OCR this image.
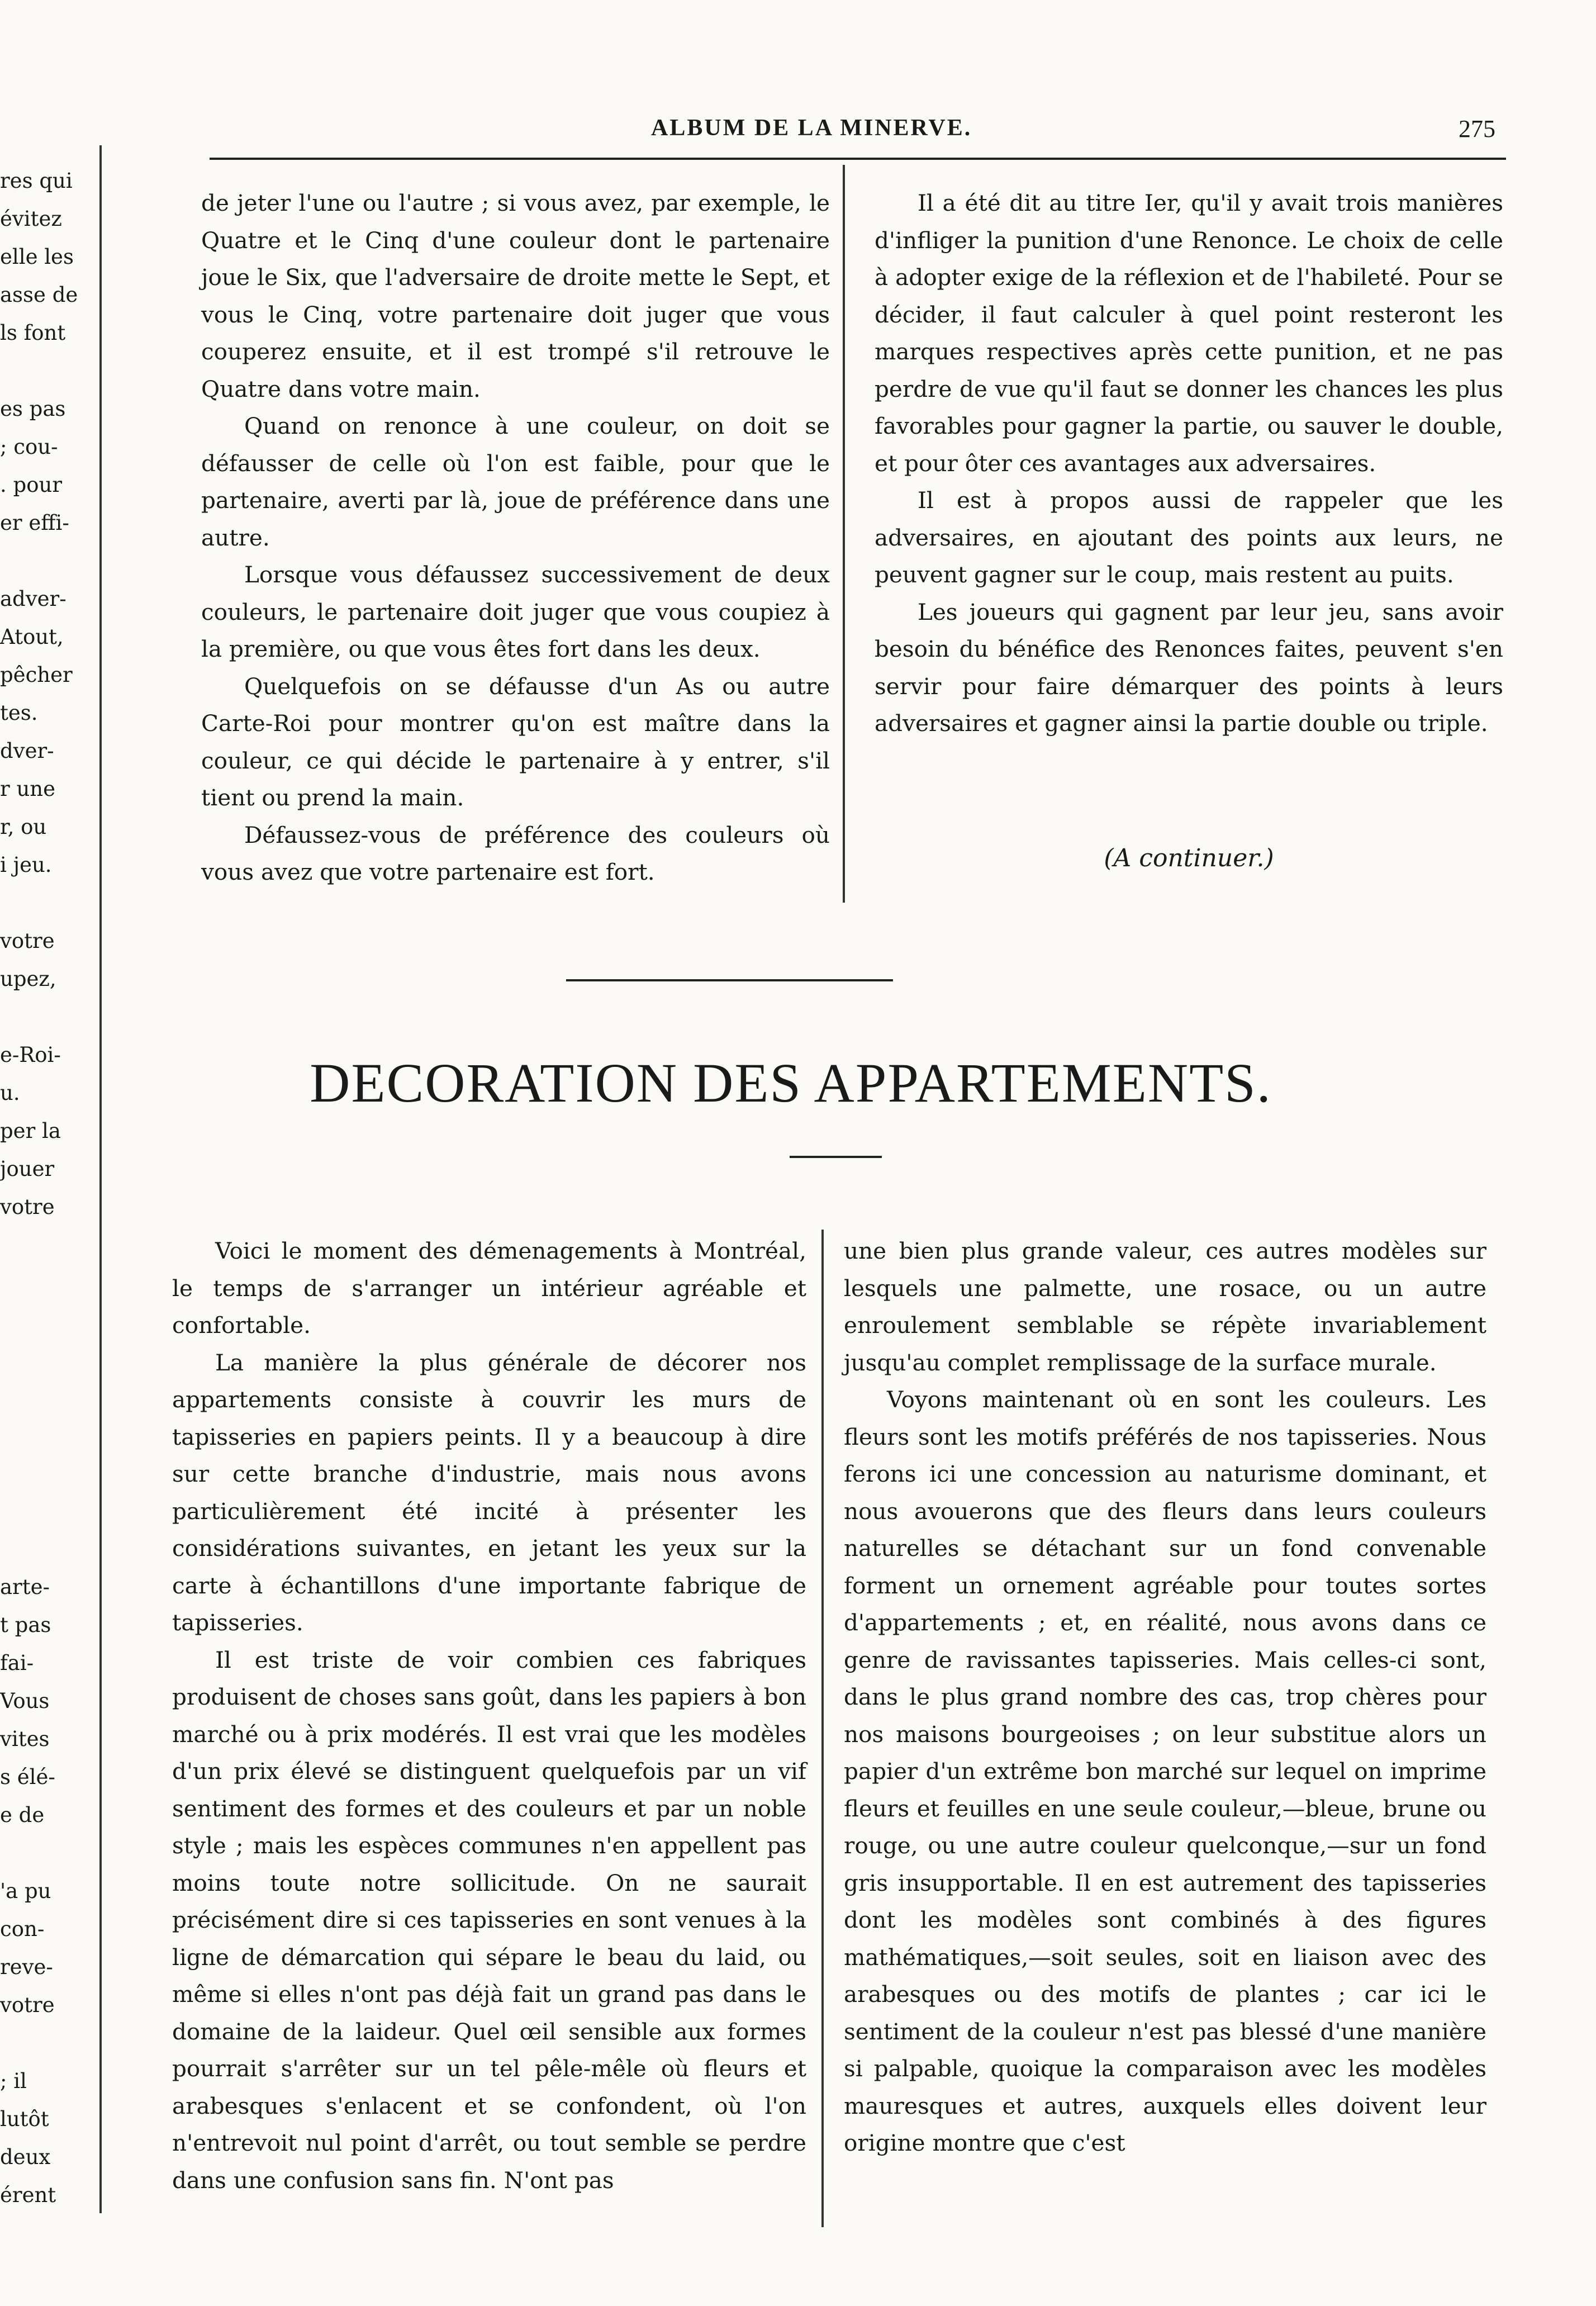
res qui
évitez
elle les
asse de
ls font

es pas
; cou-
. pour
er effi-

adver-
Atout,
pêcher
tes.
dver-
r une
r, ou
i jeu.

votre
upez,

e-Roi-
u.
per la
jouer
votre

arte-
t pas
fai-
Vous
vites
s élé-
e de

'a pu
con-
reve-
votre

; il
lutôt
deux
érent
ALBUM DE LA MINERVE.	275

de jeter l'une ou l'autre ; si vous avez, par exemple, le Quatre et le Cinq d'une couleur dont le partenaire joue le Six, que l'adversaire de droite mette le Sept, et vous le Cinq, votre partenaire doit juger que vous couperez ensuite, et il est trompé s'il retrouve le Quatre dans votre main.

Quand on renonce à une couleur, on doit se défausser de celle où l'on est faible, pour que le partenaire, averti par là, joue de préférence dans une autre.

Lorsque vous défaussez successivement de deux couleurs, le partenaire doit juger que vous coupiez à la première, ou que vous êtes fort dans les deux.

Quelquefois on se défausse d'un As ou autre Carte-Roi pour montrer qu'on est maître dans la couleur, ce qui décide le partenaire à y entrer, s'il tient ou prend la main.

Défaussez-vous de préférence des couleurs où vous avez que votre partenaire est fort.

Il a été dit au titre Ier, qu'il y avait trois manières d'infliger la punition d'une Renonce. Le choix de celle à adopter exige de la réflexion et de l'habileté. Pour se décider, il faut calculer à quel point resteront les marques respectives après cette punition, et ne pas perdre de vue qu'il faut se donner les chances les plus favorables pour gagner la partie, ou sauver le double, et pour ôter ces avantages aux adversaires.

Il est à propos aussi de rappeler que les adversaires, en ajoutant des points aux leurs, ne peuvent gagner sur le coup, mais restent au puits.

Les joueurs qui gagnent par leur jeu, sans avoir besoin du bénéfice des Renonces faites, peuvent s'en servir pour faire démarquer des points à leurs adversaires et gagner ainsi la partie double ou triple.

(A continuer.)
DECORATION DES APPARTEMENTS.

Voici le moment des démenagements à Montréal, le temps de s'arranger un intérieur agréable et confortable.

La manière la plus générale de décorer nos appartements consiste à couvrir les murs de tapisseries en papiers peints. Il y a beaucoup à dire sur cette branche d'industrie, mais nous avons particulièrement été incité à présenter les considérations suivantes, en jetant les yeux sur la carte à échantillons d'une importante fabrique de tapisseries.

Il est triste de voir combien ces fabriques produisent de choses sans goût, dans les papiers à bon marché ou à prix modérés. Il est vrai que les modèles d'un prix élevé se distinguent quelquefois par un vif sentiment des formes et des couleurs et par un noble style ; mais les espèces communes n'en appellent pas moins toute notre sollicitude. On ne saurait précisément dire si ces tapisseries en sont venues à la ligne de démarcation qui sépare le beau du laid, ou même si elles n'ont pas déjà fait un grand pas dans le domaine de la laideur. Quel œil sensible aux formes pourrait s'arrêter sur un tel pêle-mêle où fleurs et arabesques s'enlacent et se confondent, où l'on n'entrevoit nul point d'arrêt, ou tout semble se perdre dans une confusion sans fin. N'ont pas

une bien plus grande valeur, ces autres modèles sur lesquels une palmette, une rosace, ou un autre enroulement semblable se répète invariablement jusqu'au complet remplissage de la surface murale.

Voyons maintenant où en sont les couleurs. Les fleurs sont les motifs préférés de nos tapisseries. Nous ferons ici une concession au naturisme dominant, et nous avouerons que des fleurs dans leurs couleurs naturelles se détachant sur un fond convenable forment un ornement agréable pour toutes sortes d'appartements ; et, en réalité, nous avons dans ce genre de ravissantes tapisseries. Mais celles-ci sont, dans le plus grand nombre des cas, trop chères pour nos maisons bourgeoises ; on leur substitue alors un papier d'un extrême bon marché sur lequel on imprime fleurs et feuilles en une seule couleur,—bleue, brune ou rouge, ou une autre couleur quelconque,—sur un fond gris insupportable. Il en est autrement des tapisseries dont les modèles sont combinés à des figures mathématiques,—soit seules, soit en liaison avec des arabesques ou des motifs de plantes ; car ici le sentiment de la couleur n'est pas blessé d'une manière si palpable, quoique la comparaison avec les modèles mauresques et autres, auxquels elles doivent leur origine montre que c'est
